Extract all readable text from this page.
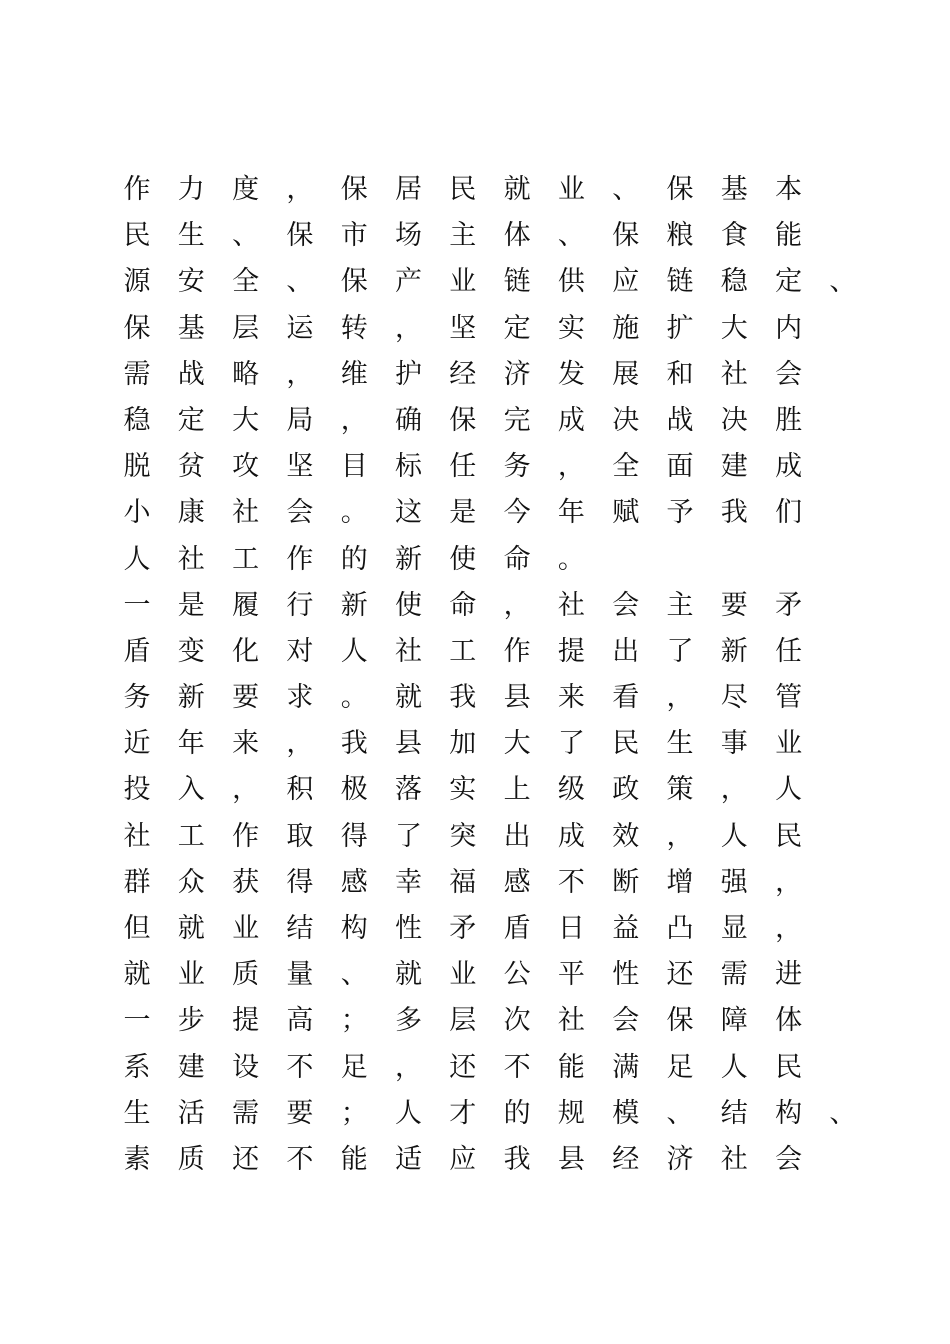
作 力 度 ， 保 居 民 就 业 、 保 基 本
民 生 、 保 市 场 主 体 、 保 粮 食 能
源 安 全 、 保 产 业 链 供 应 链 稳 定 、
保 基 层 运 转 ， 坚 定 实 施 扩 大 内
需 战 略 ， 维 护 经 济 发 展 和 社 会
稳 定 大 局 ， 确 保 完 成 决 战 决 胜
脱 贫 攻 坚 目 标 任 务 ， 全 面 建 成
小 康 社 会 。 这 是 今 年 赋 予 我 们
人 社 工 作 的 新 使 命 。
一 是 履 行 新 使 命 ， 社 会 主 要 矛
盾 变 化 对 人 社 工 作 提 出 了 新 任
务 新 要 求 。 就 我 县 来 看 ， 尽 管
近 年 来 ， 我 县 加 大 了 民 生 事 业
投 入 ， 积 极 落 实 上 级 政 策 ， 人
社 工 作 取 得 了 突 出 成 效 ， 人 民
群 众 获 得 感 幸 福 感 不 断 增 强 ，
但 就 业 结 构 性 矛 盾 日 益 凸 显 ，
就 业 质 量 、 就 业 公 平 性 还 需 进
一 步 提 高 ； 多 层 次 社 会 保 障 体
系 建 设 不 足 ， 还 不 能 满 足 人 民
生 活 需 要 ； 人 才 的 规 模 、 结 构 、
素 质 还 不 能 适 应 我 县 经 济 社 会
